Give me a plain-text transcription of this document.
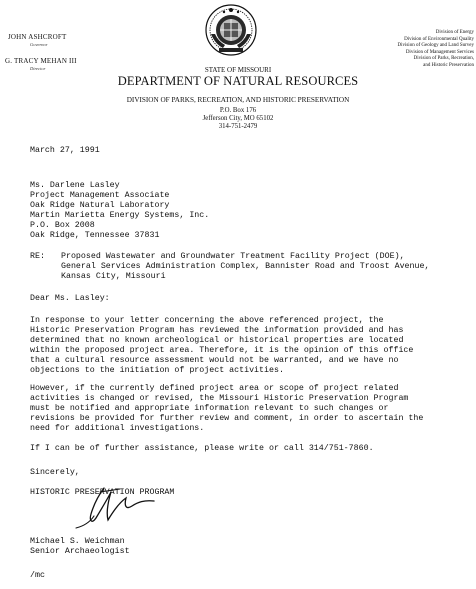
JOHN ASHCROFT
Governor
G. TRACY MEHAN III
Director
Division of Energy
Division of Environmental Quality
Division of Geology and Land Survey
Division of Management Services
Division of Parks, Recreation,
and Historic Preservation
STATE OF MISSOURI
DEPARTMENT OF NATURAL RESOURCES
DIVISION OF PARKS, RECREATION, AND HISTORIC PRESERVATION
P.O. Box 176
Jefferson City, MO 65102
314-751-2479
March 27, 1991
Ms. Darlene Lasley
Project Management Associate
Oak Ridge Natural Laboratory
Martin Marietta Energy Systems, Inc.
P.O. Box 2008
Oak Ridge, Tennessee 37831
RE: Proposed Wastewater and Groundwater Treatment Facility Project (DOE),
General Services Administration Complex, Bannister Road and Troost Avenue,
Kansas City, Missouri
Dear Ms. Lasley:
In response to your letter concerning the above referenced project, the
Historic Preservation Program has reviewed the information provided and has
determined that no known archeological or historical properties are located
within the proposed project area. Therefore, it is the opinion of this office
that a cultural resource assessment would not be warranted, and we have no
objections to the initiation of project activities.
However, if the currently defined project area or scope of project related
activities is changed or revised, the Missouri Historic Preservation Program
must be notified and appropriate information relevant to such changes or
revisions be provided for further review and comment, in order to ascertain the
need for additional investigations.
If I can be of further assistance, please write or call 314/751-7860.
Sincerely,
HISTORIC PRESERVATION PROGRAM
Michael S. Weichman
Senior Archaeologist
/mc
